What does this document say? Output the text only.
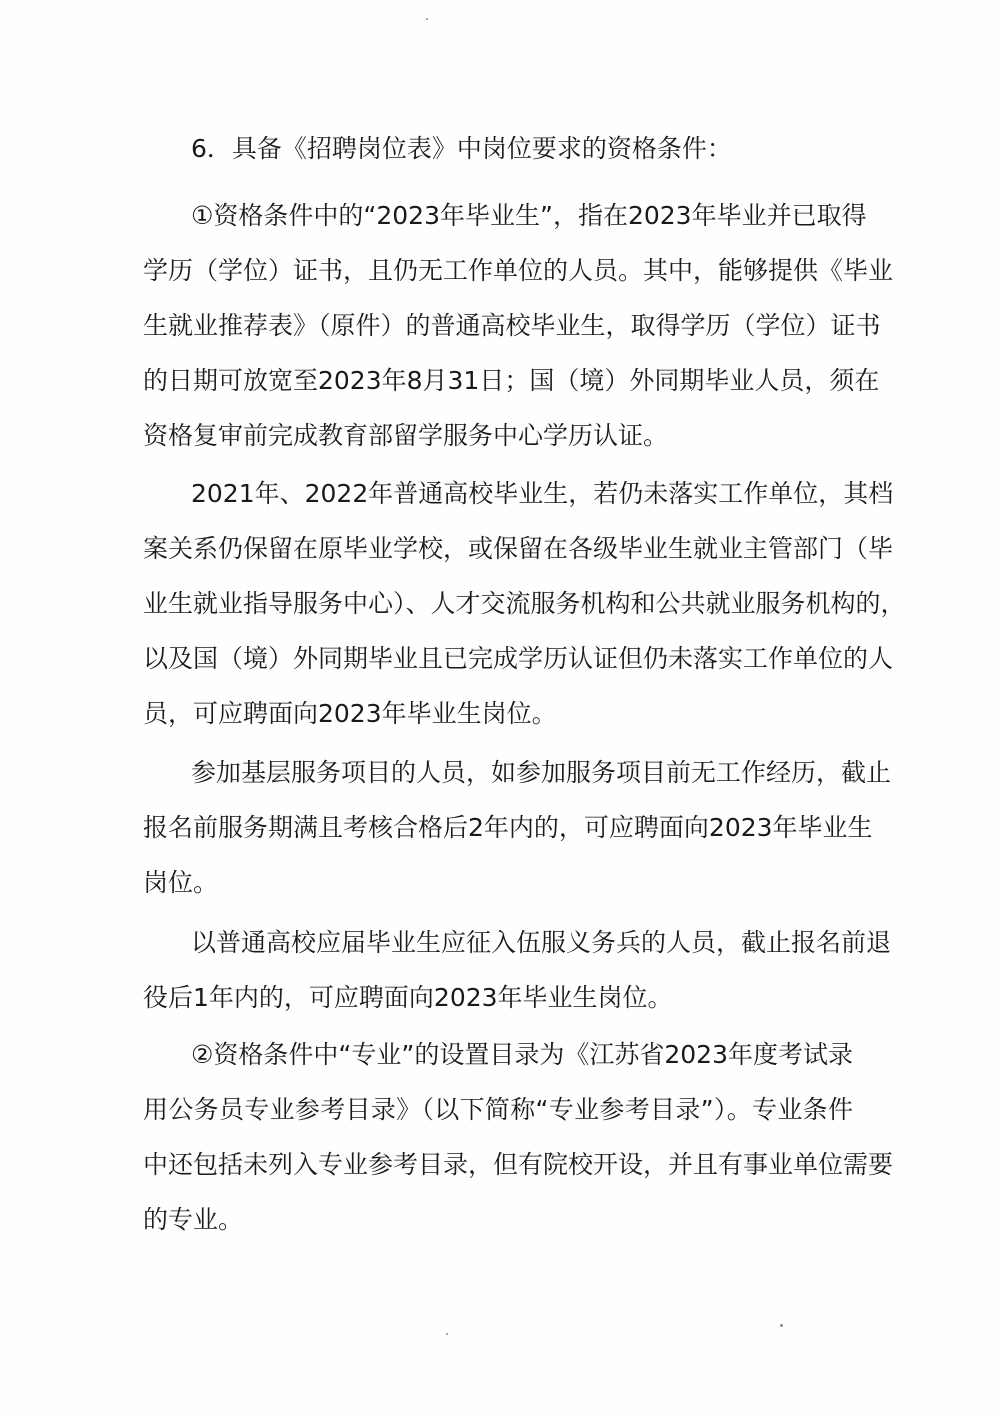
6．具备《招聘岗位表》中岗位要求的资格条件：
①资格条件中的“2023年毕业生”，指在2023年毕业并已取得
学历（学位）证书，且仍无工作单位的人员。其中，能够提供《毕业
生就业推荐表》（原件）的普通高校毕业生，取得学历（学位）证书
的日期可放宽至2023年8月31日；国（境）外同期毕业人员，须在
资格复审前完成教育部留学服务中心学历认证。
2021年、2022年普通高校毕业生，若仍未落实工作单位，其档
案关系仍保留在原毕业学校，或保留在各级毕业生就业主管部门（毕
业生就业指导服务中心）、人才交流服务机构和公共就业服务机构的，
以及国（境）外同期毕业且已完成学历认证但仍未落实工作单位的人
员，可应聘面向2023年毕业生岗位。
参加基层服务项目的人员，如参加服务项目前无工作经历，截止
报名前服务期满且考核合格后2年内的，可应聘面向2023年毕业生
岗位。
以普通高校应届毕业生应征入伍服义务兵的人员，截止报名前退
役后1年内的，可应聘面向2023年毕业生岗位。
②资格条件中“专业”的设置目录为《江苏省2023年度考试录
用公务员专业参考目录》（以下简称“专业参考目录”）。专业条件
中还包括未列入专业参考目录，但有院校开设，并且有事业单位需要
的专业。
